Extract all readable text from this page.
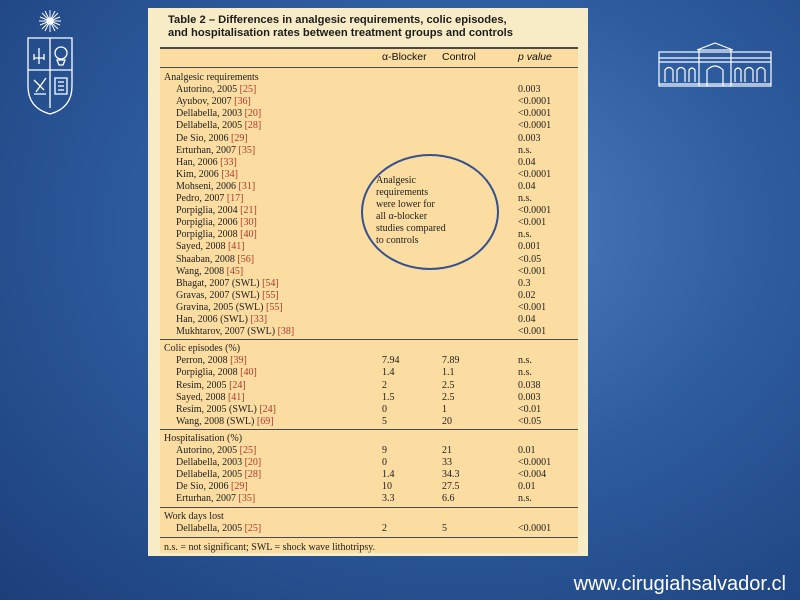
Table 2 – Differences in analgesic requirements, colic episodes,
and hospitalisation rates between treatment groups and controls
α-Blocker Control	p value
Analgesic requirements
Autorino, 2005 [25]	0.003
Ayubov, 2007 [36]	<0.0001
Dellabella, 2003 [20]	<0.0001
Dellabella, 2005 [28]	<0.0001
De Sio, 2006 [29]	0.003
Erturhan, 2007 [35]	n.s.
Han, 2006 [33]	0.04
Kim, 2006 [34]	<0.0001
Mohseni, 2006 [31]	0.04
Pedro, 2007 [17]	n.s.
Porpiglia, 2004 [21]	<0.0001
Porpiglia, 2006 [30]	<0.001
Porpiglia, 2008 [40]	n.s.
Sayed, 2008 [41]	0.001
Shaaban, 2008 [56]	<0.05
Wang, 2008 [45]	<0.001
Bhagat, 2007 (SWL) [54]	0.3
Gravas, 2007 (SWL) [55]	0.02
Gravina, 2005 (SWL) [55]	<0.001
Han, 2006 (SWL) [33]	0.04
Mukhtarov, 2007 (SWL) [38]	<0.001
Colic episodes (%)
Perron, 2008 [39]	7.94	7.89	n.s.
Porpiglia, 2008 [40]	1.4	1.1	n.s.
Resim, 2005 [24]	2	2.5	0.038
Sayed, 2008 [41]	1.5	2.5	0.003
Resim, 2005 (SWL) [24]	0	1	<0.01
Wang, 2008 (SWL) [69]	5	20	<0.05
Hospitalisation (%)
Autorino, 2005 [25]	9	21	0.01
Dellabella, 2003 [20]	0	33	<0.0001
Dellabella, 2005 [28]	1.4	34.3	<0.004
De Sio, 2006 [29]	10	27.5	0.01
Erturhan, 2007 [35]	3.3	6.6	n.s.
Work days lost
Dellabella, 2005 [25]	2	5	<0.0001
n.s. = not significant; SWL = shock wave lithotripsy.
Analgesic
requirements
were lower for
all α-blocker
studies compared
to controls
www.cirugiahsalvador.cl
